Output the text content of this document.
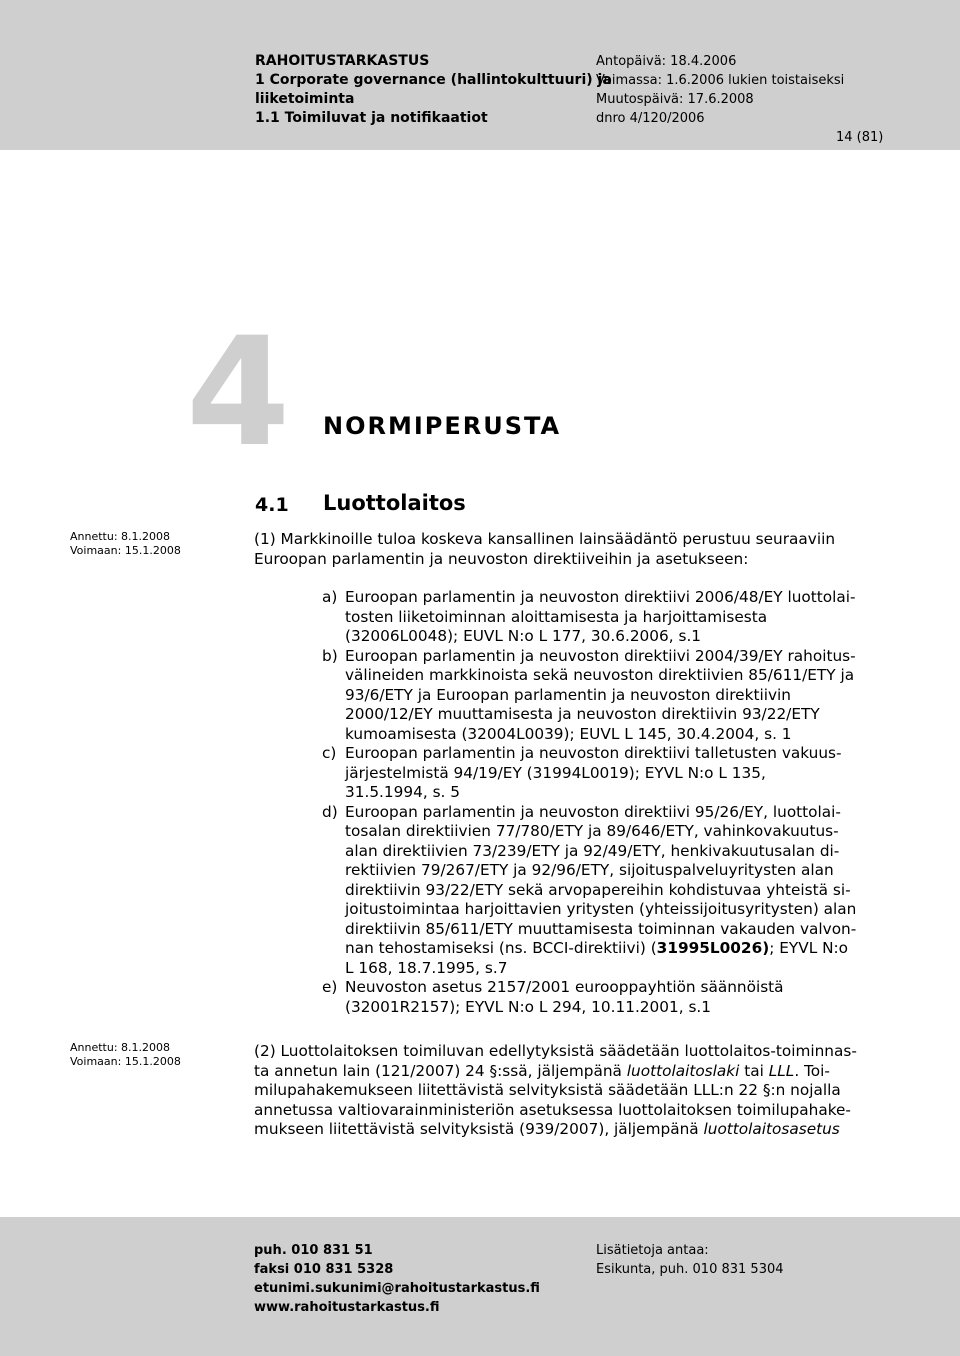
RAHOITUSTARKASTUS
1 Corporate governance (hallintokulttuuri) ja
liiketoiminta
1.1 Toimiluvat ja notifikaatiot
Antopäivä: 18.4.2006
Voimassa: 1.6.2006 lukien toistaiseksi
Muutospäivä: 17.6.2008
dnro 4/120/2006
14 (81)
4 NORMIPERUSTA
4.1 Luottolaitos
Annettu: 8.1.2008
Voimaan: 15.1.2008
(1) Markkinoille tuloa koskeva kansallinen lainsäädäntö perustuu seuraaviin
Euroopan parlamentin ja neuvoston direktiiveihin ja asetukseen:
a) Euroopan parlamentin ja neuvoston direktiivi 2006/48/EY luottolai-
tosten liiketoiminnan aloittamisesta ja harjoittamisesta
(32006L0048); EUVL N:o L 177, 30.6.2006, s.1
b) Euroopan parlamentin ja neuvoston direktiivi 2004/39/EY rahoitus-
välineiden markkinoista sekä neuvoston direktiivien 85/611/ETY ja
93/6/ETY ja Euroopan parlamentin ja neuvoston direktiivin
2000/12/EY muuttamisesta ja neuvoston direktiivin 93/22/ETY
kumoamisesta (32004L0039); EUVL L 145, 30.4.2004, s. 1
c) Euroopan parlamentin ja neuvoston direktiivi talletusten vakuus-
järjestelmistä 94/19/EY (31994L0019); EYVL N:o L 135,
31.5.1994, s. 5
d) Euroopan parlamentin ja neuvoston direktiivi 95/26/EY, luottolai-
tosalan direktiivien 77/780/ETY ja 89/646/ETY, vahinkovakuutus-
alan direktiivien 73/239/ETY ja 92/49/ETY, henkivakuutusalan di-
rektiivien 79/267/ETY ja 92/96/ETY, sijoituspalveluyritysten alan
direktiivin 93/22/ETY sekä arvopapereihin kohdistuvaa yhteistä si-
joitustoimintaa harjoittavien yritysten (yhteissijoitusyritysten) alan
direktiivin 85/611/ETY muuttamisesta toiminnan vakauden valvon-
nan tehostamiseksi (ns. BCCI-direktiivi) (31995L0026); EYVL N:o
L 168, 18.7.1995, s.7
e) Neuvoston asetus 2157/2001 eurooppayhtiön säännöistä
(32001R2157); EYVL N:o L 294, 10.11.2001, s.1
Annettu: 8.1.2008
Voimaan: 15.1.2008
(2) Luottolaitoksen toimiluvan edellytyksistä säädetään luottolaitos-toiminnas-
ta annetun lain (121/2007) 24 §:ssä, jäljempänä luottolaitoslaki tai LLL. Toi-
milupahakemukseen liitettävistä selvityksistä säädetään LLL:n 22 §:n nojalla
annetussa valtiovarainministeriön asetuksessa luottolaitoksen toimilupahake-
mukseen liitettävistä selvityksistä (939/2007), jäljempänä luottolaitosasetus
puh. 010 831 51
faksi 010 831 5328
etunimi.sukunimi@rahoitustarkastus.fi
www.rahoitustarkastus.fi
Lisätietoja antaa:
Esikunta, puh. 010 831 5304
